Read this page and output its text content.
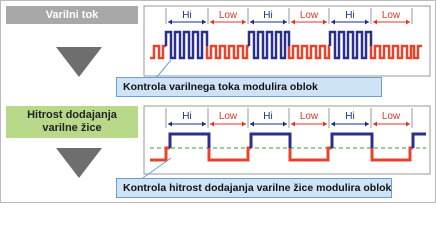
Hi	Low	Hi	Low	Hi	Low
Hi	Low	Hi	Low	Hi	Low
Varilni tok
Hitrost dodajanja varilne žice
Kontrola varilnega toka modulira oblok
Kontrola hitrost dodajanja varilne žice modulira oblok
